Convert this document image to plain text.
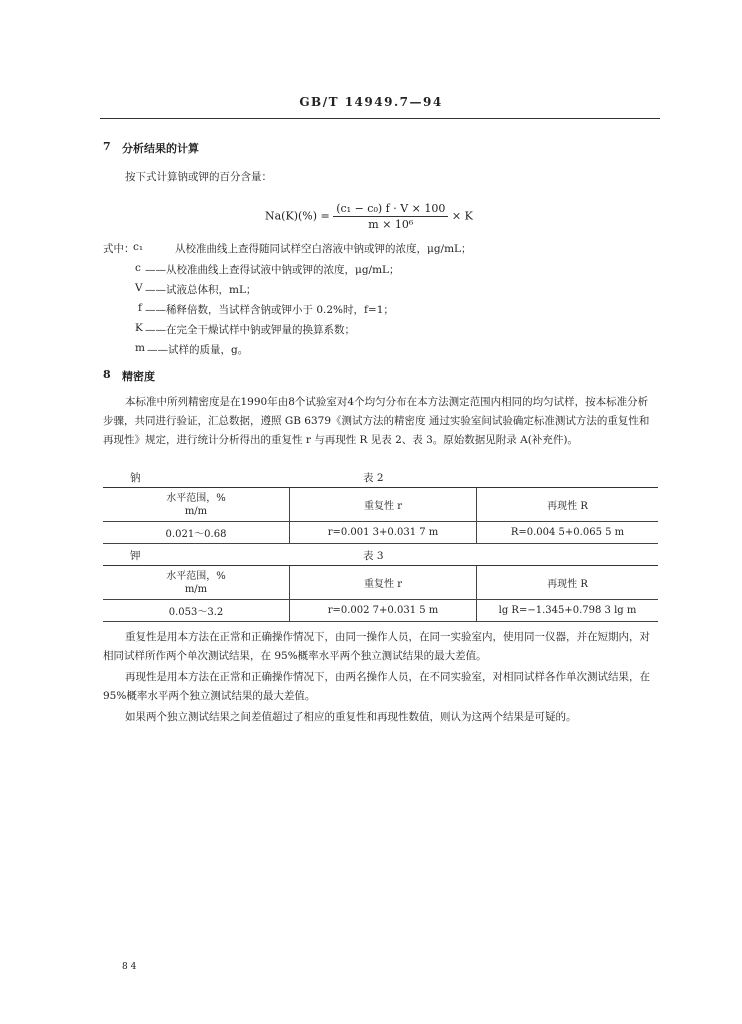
GB/T 14949.7—94
7 分析结果的计算
按下式计算钠或钾的百分含量：
$Na(K)(\%) = \frac{\text{(c₁ − c₀) f · V × 100}}{\text{m × 10⁶}} \times K$
式中：
c₁	从校准曲线上查得随同试样空白溶液中钠或钾的浓度，μg/mL；
c ——从校准曲线上查得试液中钠或钾的浓度，μg/mL；
V ——试液总体积，mL；
f ——稀释倍数，当试样含钠或钾小于 0.2%时，f=1；
K ——在完全干燥试样中钠或钾量的换算系数；
m ——试样的质量，g。
8 精密度
本标准中所列精密度是在1990年由8个试验室对4个均匀分布在本方法测定范围内相同的均匀试样，按本标准分析步骤，共同进行验证，汇总数据，遵照 GB 6379《测试方法的精密度 通过实验室间试验确定标准测试方法的重复性和再现性》规定，进行统计分析得出的重复性 r 与再现性 R 见表 2、表 3。原始数据见附录 A(补充件)。
钠	表 2
水平范围，%
m/m	重复性 r	再现性 R
0.021～0.68	r=0.001 3+0.031 7 m	R=0.004 5+0.065 5 m
钾	表 3
水平范围，%
m/m	重复性 r	再现性 R
0.053～3.2	r=0.002 7+0.031 5 m	lg R=−1.345+0.798 3 lg m
重复性是用本方法在正常和正确操作情况下，由同一操作人员，在同一实验室内，使用同一仪器，并在短期内，对相同试样所作两个单次测试结果，在 95%概率水平两个独立测试结果的最大差值。
再现性是用本方法在正常和正确操作情况下，由两名操作人员，在不同实验室，对相同试样各作单次测试结果，在 95%概率水平两个独立测试结果的最大差值。
如果两个独立测试结果之间差值超过了相应的重复性和再现性数值，则认为这两个结果是可疑的。
8 4
